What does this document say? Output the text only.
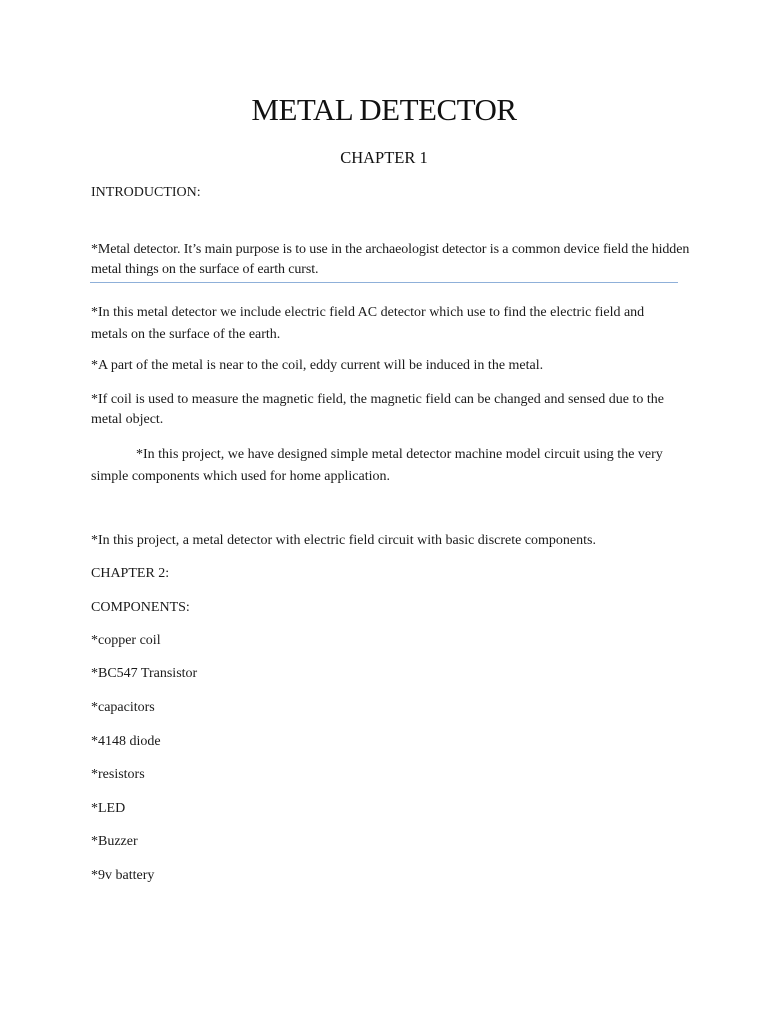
METAL DETECTOR
CHAPTER 1

INTRODUCTION:

*Metal detector. It’s main purpose is to use in the archaeologist detector is a common device field the hidden metal things on the surface of earth curst.

*In this metal detector we include electric field AC detector which use to find the electric field and metals on the surface of the earth.

*A part of the metal is near to the coil, eddy current will be induced in the metal.

*If coil is used to measure the magnetic field, the magnetic field can be changed and sensed due to the metal object.

*In this project, we have designed simple metal detector machine model circuit using the very simple components which used for home application.

*In this project, a metal detector with electric field circuit with basic discrete components.

CHAPTER 2:

COMPONENTS:

*copper coil

*BC547 Transistor

*capacitors

*4148 diode

*resistors

*LED

*Buzzer

*9v battery
